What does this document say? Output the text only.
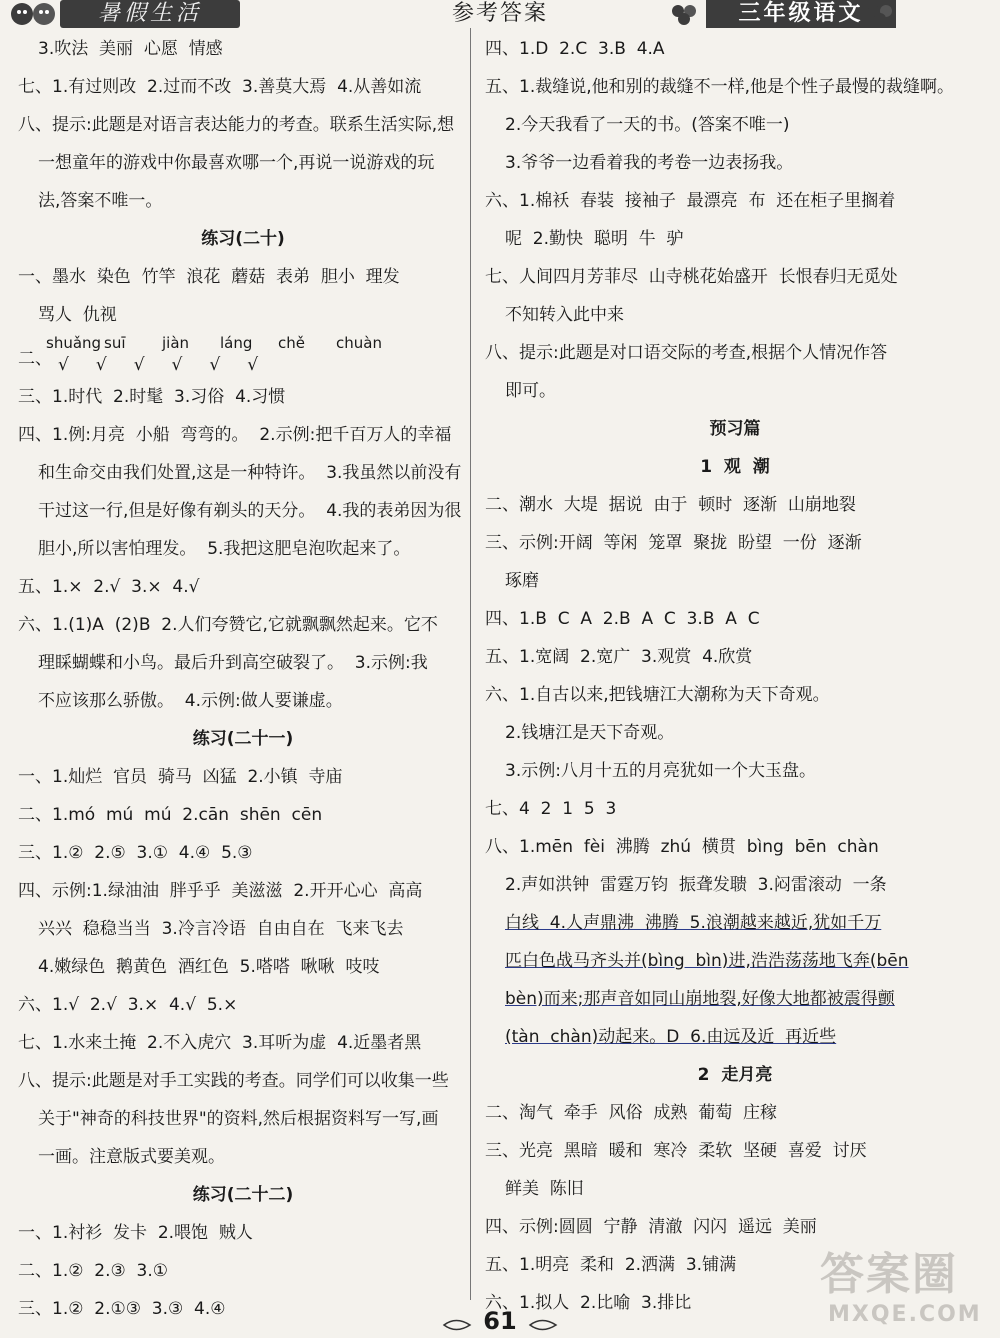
暑假生活	参考答案	三年级语文
3.吹法  美丽  心愿  情感
七、1.有过则改  2.过而不改  3.善莫大焉  4.从善如流
八、提示:此题是对语言表达能力的考查。联系生活实际,想
一想童年的游戏中你最喜欢哪一个,再说一说游戏的玩
法,答案不唯一。
练习(二十)
一、墨水  染色  竹竿  浪花  蘑菇  表弟  胆小  理发
骂人  仇视
二、
shuǎng suī jiàn láng chě chuàn
√     √     √     √     √     √
三、1.时代  2.时髦  3.习俗  4.习惯
四、1.例:月亮  小船  弯弯的。  2.示例:把千百万人的幸福
和生命交由我们处置,这是一种特许。  3.我虽然以前没有
干过这一行,但是好像有剃头的天分。  4.我的表弟因为很
胆小,所以害怕理发。  5.我把这肥皂泡吹起来了。
五、1.×  2.√  3.×  4.√
六、1.(1)A  (2)B  2.人们夸赞它,它就飘飘然起来。它不
理睬蝴蝶和小鸟。最后升到高空破裂了。  3.示例:我
不应该那么骄傲。  4.示例:做人要谦虚。
练习(二十一)
一、1.灿烂  官员  骑马  凶猛  2.小镇  寺庙
二、1.mó  mú  mú  2.cān  shēn  cēn
三、1.②  2.⑤  3.①  4.④  5.③
四、示例:1.绿油油  胖乎乎  美滋滋  2.开开心心  高高
兴兴  稳稳当当  3.冷言冷语  自由自在  飞来飞去
4.嫩绿色  鹅黄色  酒红色  5.嗒嗒  啾啾  吱吱
六、1.√  2.√  3.×  4.√  5.×
七、1.水来土掩  2.不入虎穴  3.耳听为虚  4.近墨者黑
八、提示:此题是对手工实践的考查。同学们可以收集一些
关于"神奇的科技世界"的资料,然后根据资料写一写,画
一画。注意版式要美观。
练习(二十二)
一、1.衬衫  发卡  2.喂饱  贼人
二、1.②  2.③  3.①
三、1.②  2.①③  3.③  4.④
四、1.D  2.C  3.B  4.A
五、1.裁缝说,他和别的裁缝不一样,他是个性子最慢的裁缝啊。
2.今天我看了一天的书。(答案不唯一)
3.爷爷一边看着我的考卷一边表扬我。
六、1.棉袄  春装  接袖子  最漂亮  布  还在柜子里搁着
呢  2.勤快  聪明  牛  驴
七、人间四月芳菲尽  山寺桃花始盛开  长恨春归无觅处
不知转入此中来
八、提示:此题是对口语交际的考查,根据个人情况作答
即可。
预习篇
1  观  潮
二、潮水  大堤  据说  由于  顿时  逐渐  山崩地裂
三、示例:开阔  等闲  笼罩  聚拢  盼望  一份  逐渐
琢磨
四、1.B  C  A  2.B  A  C  3.B  A  C
五、1.宽阔  2.宽广  3.观赏  4.欣赏
六、1.自古以来,把钱塘江大潮称为天下奇观。
2.钱塘江是天下奇观。
3.示例:八月十五的月亮犹如一个大玉盘。
七、4  2  1  5  3
八、1.mēn  fèi  沸腾  zhú  横贯  bìng  bēn  chàn
2.声如洪钟  雷霆万钧  振聋发聩  3.闷雷滚动  一条
白线  4.人声鼎沸  沸腾  5.浪潮越来越近,犹如千万
匹白色战马齐头并(bìng  bìn)进,浩浩荡荡地飞奔(bēn
bèn)而来;那声音如同山崩地裂,好像大地都被震得颤
(tàn  chàn)动起来。D  6.由远及近  再近些
2  走月亮
二、淘气  牵手  风俗  成熟  葡萄  庄稼
三、光亮  黑暗  暖和  寒冷  柔软  坚硬  喜爱  讨厌
鲜美  陈旧
四、示例:圆圆  宁静  清澈  闪闪  遥远  美丽
五、1.明亮  柔和  2.洒满  3.铺满
六、1.拟人  2.比喻  3.排比
61
答案圈
MXQE.COM
